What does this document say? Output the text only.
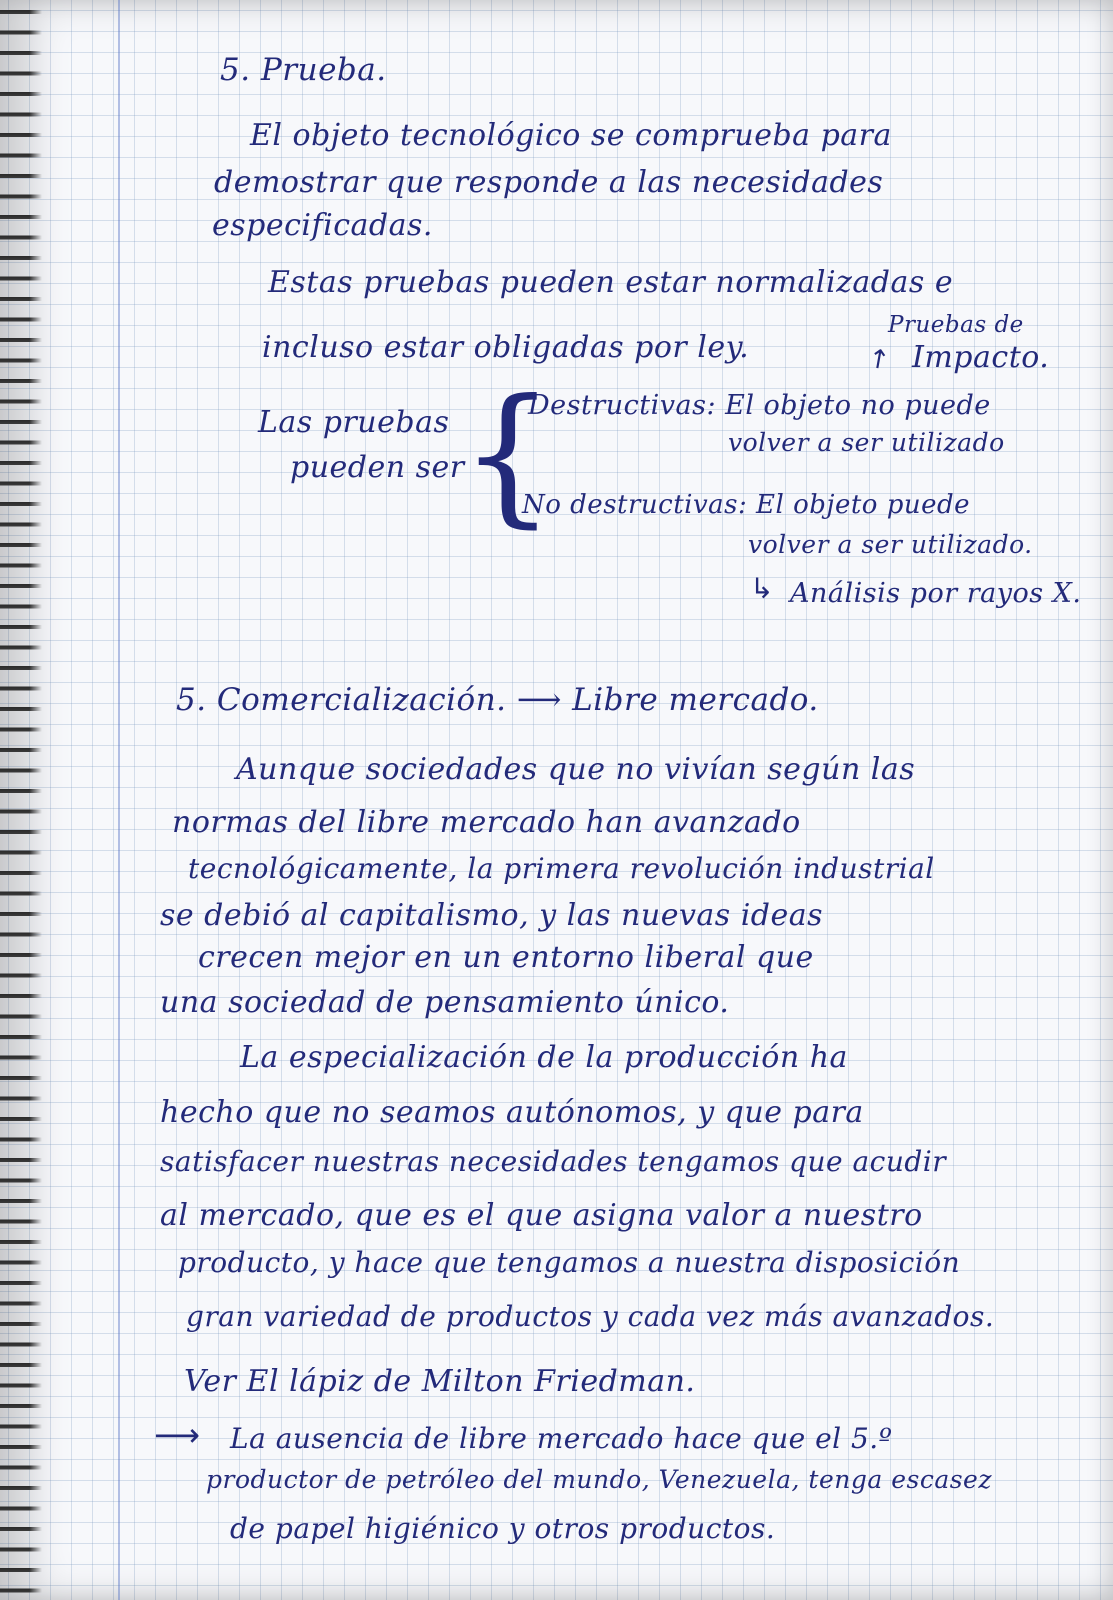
5. Prueba.

El objeto tecnológico se comprueba para

demostrar que responde a las necesidades

especificadas.

Estas pruebas pueden estar normalizadas e

incluso estar obligadas por ley.	↗

Pruebas de

Impacto.

Las pruebas

pueden ser

{

Destructivas: El objeto no puede

volver a ser utilizado

No destructivas: El objeto puede

volver a ser utilizado.

↳ Análisis por rayos X.

5. Comercialización. ⟶ Libre mercado.

Aunque sociedades que no vivían según las

normas del libre mercado han avanzado

tecnológicamente, la primera revolución industrial

se debió al capitalismo, y las nuevas ideas

crecen mejor en un entorno liberal que

una sociedad de pensamiento único.

La especialización de la producción ha

hecho que no seamos autónomos, y que para

satisfacer nuestras necesidades tengamos que acudir

al mercado, que es el que asigna valor a nuestro

producto, y hace que tengamos a nuestra disposición

gran variedad de productos y cada vez más avanzados.

Ver El lápiz de Milton Friedman.

⟶ La ausencia de libre mercado hace que el 5.º

productor de petróleo del mundo, Venezuela, tenga escasez

de papel higiénico y otros productos.
